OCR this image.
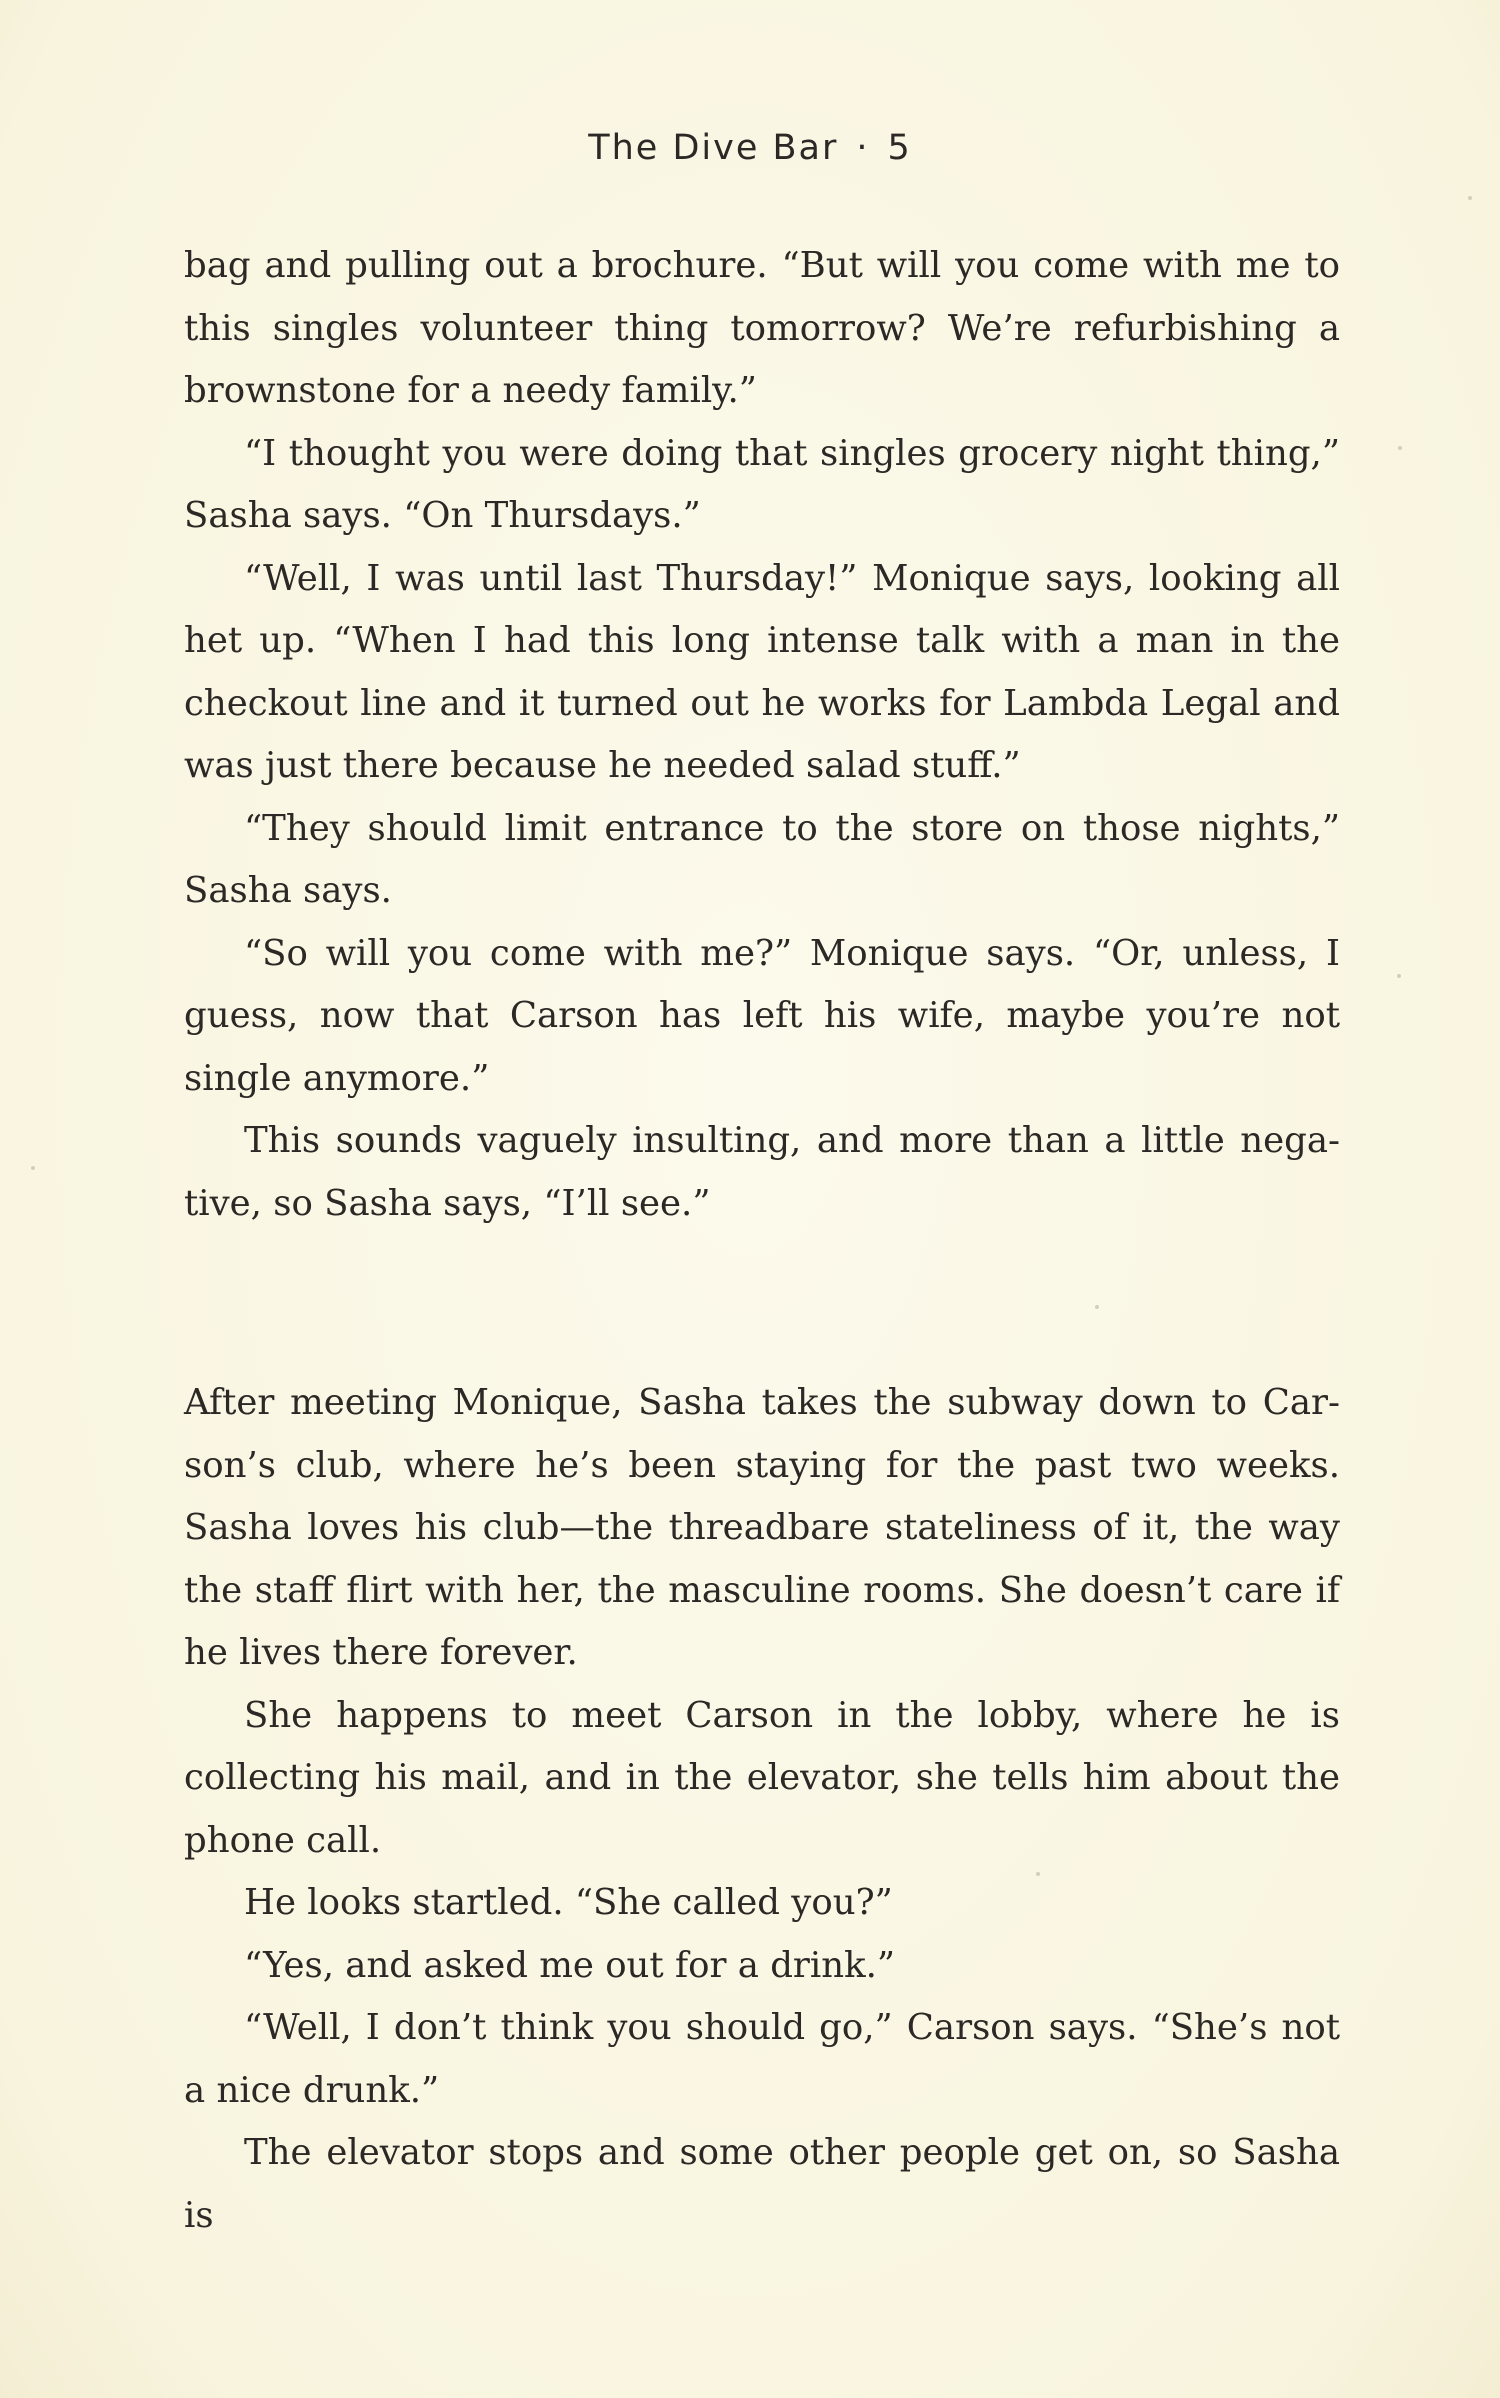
The Dive Bar · 5

bag and pulling out a brochure. “But will you come with me to this singles volunteer thing tomorrow? We’re refurbishing a brownstone for a needy family.”

“I thought you were doing that singles grocery night thing,” Sasha says. “On Thursdays.”

“Well, I was until last Thursday!” Monique says, looking all het up. “When I had this long intense talk with a man in the checkout line and it turned out he works for Lambda Legal and was just there because he needed salad stuff.”

“They should limit entrance to the store on those nights,” Sasha says.

“So will you come with me?” Monique says. “Or, unless, I guess, now that Carson has left his wife, maybe you’re not single anymore.”

This sounds vaguely insulting, and more than a little negative, so Sasha says, “I’ll see.”

After meeting Monique, Sasha takes the subway down to Carson’s club, where he’s been staying for the past two weeks. Sasha loves his club—the threadbare stateliness of it, the way the staff flirt with her, the masculine rooms. She doesn’t care if he lives there forever.

She happens to meet Carson in the lobby, where he is collecting his mail, and in the elevator, she tells him about the phone call.

He looks startled. “She called you?”

“Yes, and asked me out for a drink.”

“Well, I don’t think you should go,” Carson says. “She’s not a nice drunk.”

The elevator stops and some other people get on, so Sasha is
